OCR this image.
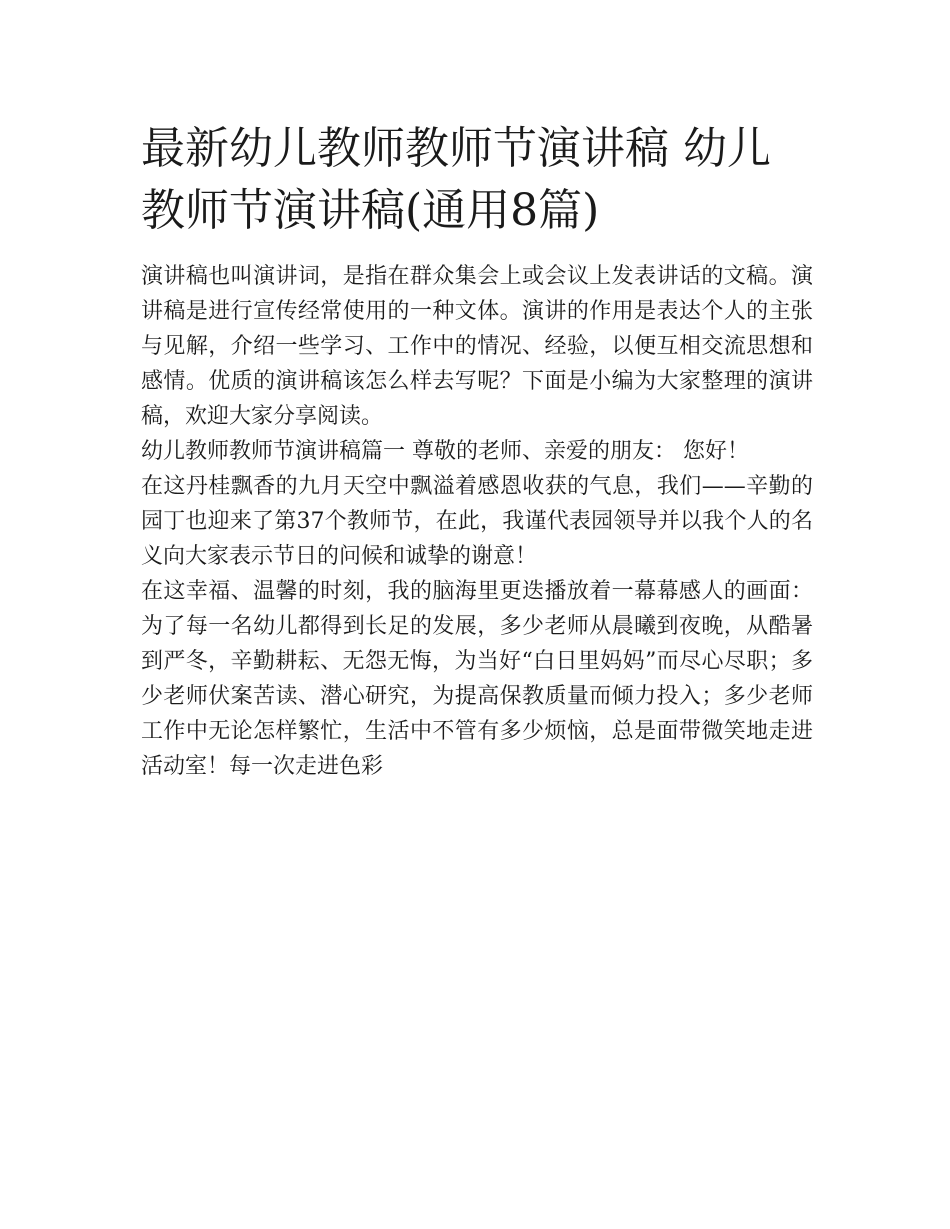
最新幼儿教师教师节演讲稿 幼儿教师节演讲稿(通用8篇)

演讲稿也叫演讲词，是指在群众集会上或会议上发表讲话的文稿。演讲稿是进行宣传经常使用的一种文体。演讲的作用是表达个人的主张与见解，介绍一些学习、工作中的情况、经验，以便互相交流思想和感情。优质的演讲稿该怎么样去写呢？下面是小编为大家整理的演讲稿，欢迎大家分享阅读。

幼儿教师教师节演讲稿篇一 尊敬的老师、亲爱的朋友： 您好！

在这丹桂飘香的九月天空中飘溢着感恩收获的气息，我们——辛勤的园丁也迎来了第37个教师节，在此，我谨代表园领导并以我个人的名义向大家表示节日的问候和诚挚的谢意！

在这幸福、温馨的时刻，我的脑海里更迭播放着一幕幕感人的画面：为了每一名幼儿都得到长足的发展，多少老师从晨曦到夜晚，从酷暑到严冬，辛勤耕耘、无怨无悔，为当好“白日里妈妈”而尽心尽职；多少老师伏案苦读、潜心研究，为提高保教质量而倾力投入；多少老师工作中无论怎样繁忙，生活中不管有多少烦恼，总是面带微笑地走进活动室！每一次走进色彩
